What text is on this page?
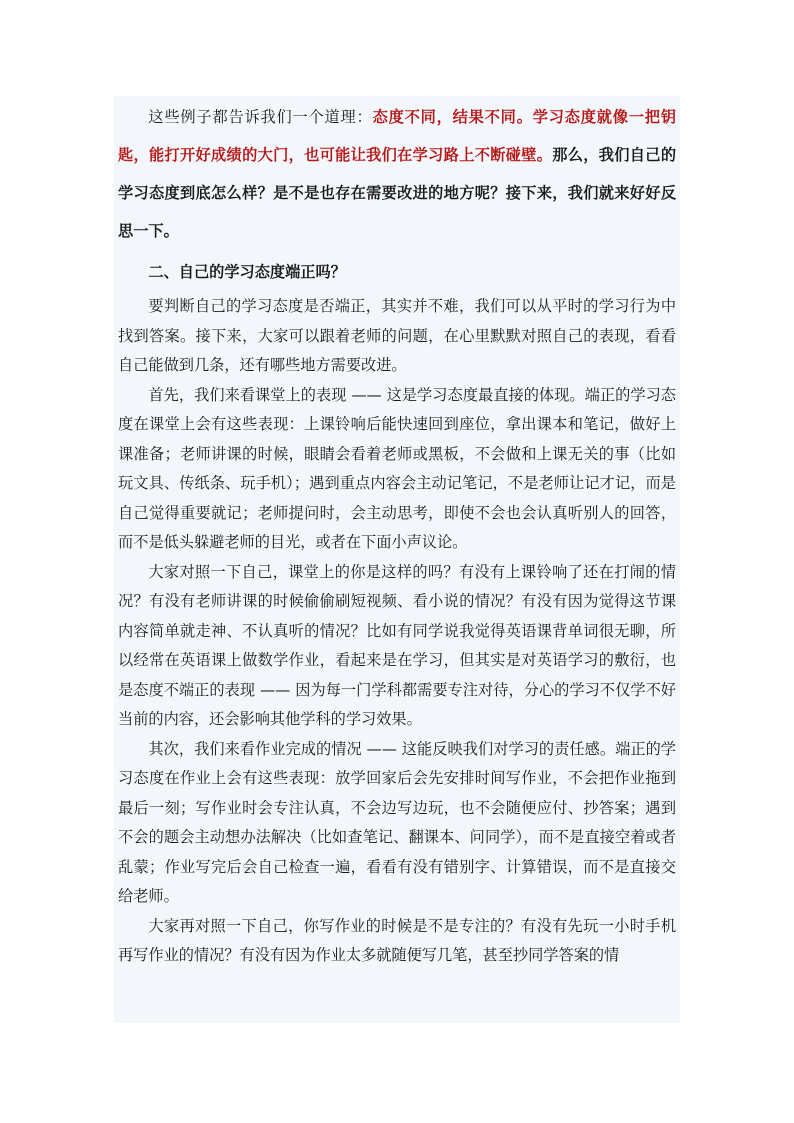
这些例子都告诉我们一个道理：态度不同，结果不同。学习态度就像一把钥匙，能打开好成绩的大门，也可能让我们在学习路上不断碰壁。那么，我们自己的学习态度到底怎么样？是不是也存在需要改进的地方呢？接下来，我们就来好好反思一下。

二、自己的学习态度端正吗？

要判断自己的学习态度是否端正，其实并不难，我们可以从平时的学习行为中找到答案。接下来，大家可以跟着老师的问题，在心里默默对照自己的表现，看看自己能做到几条，还有哪些地方需要改进。

首先，我们来看课堂上的表现 —— 这是学习态度最直接的体现。端正的学习态度在课堂上会有这些表现：上课铃响后能快速回到座位，拿出课本和笔记，做好上课准备；老师讲课的时候，眼睛会看着老师或黑板，不会做和上课无关的事（比如玩文具、传纸条、玩手机）；遇到重点内容会主动记笔记，不是老师让记才记，而是自己觉得重要就记；老师提问时，会主动思考，即使不会也会认真听别人的回答，而不是低头躲避老师的目光，或者在下面小声议论。

大家对照一下自己，课堂上的你是这样的吗？有没有上课铃响了还在打闹的情况？有没有老师讲课的时候偷偷刷短视频、看小说的情况？有没有因为觉得这节课内容简单就走神、不认真听的情况？比如有同学说我觉得英语课背单词很无聊，所以经常在英语课上做数学作业，看起来是在学习，但其实是对英语学习的敷衍，也是态度不端正的表现 —— 因为每一门学科都需要专注对待，分心的学习不仅学不好当前的内容，还会影响其他学科的学习效果。

其次，我们来看作业完成的情况 —— 这能反映我们对学习的责任感。端正的学习态度在作业上会有这些表现：放学回家后会先安排时间写作业，不会把作业拖到最后一刻；写作业时会专注认真，不会边写边玩，也不会随便应付、抄答案；遇到不会的题会主动想办法解决（比如查笔记、翻课本、问同学），而不是直接空着或者乱蒙；作业写完后会自己检查一遍，看看有没有错别字、计算错误，而不是直接交给老师。

大家再对照一下自己，你写作业的时候是不是专注的？有没有先玩一小时手机再写作业的情况？有没有因为作业太多就随便写几笔，甚至抄同学答案的情
